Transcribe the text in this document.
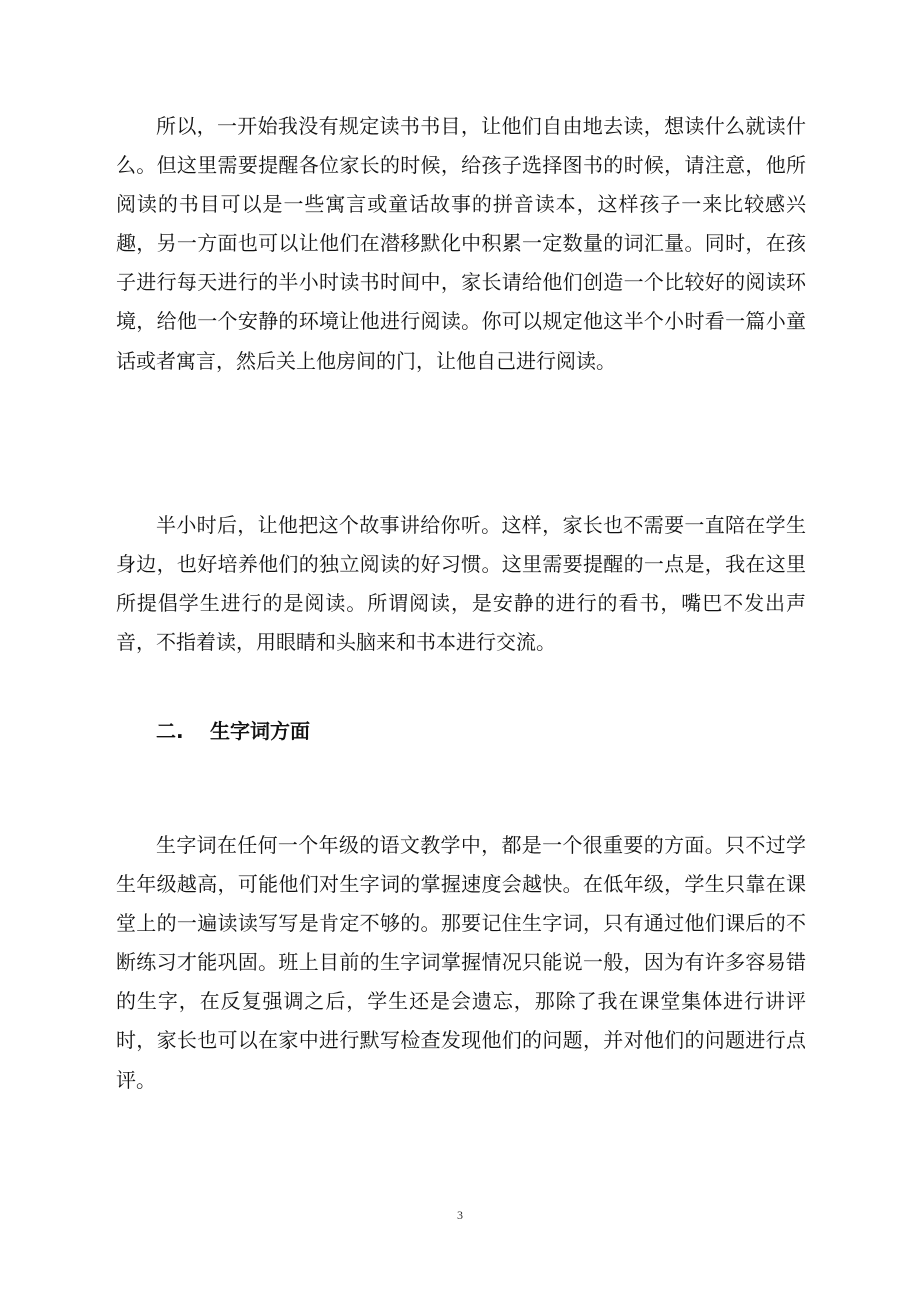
所以，一开始我没有规定读书书目，让他们自由地去读，想读什么就读什么。但这里需要提醒各位家长的时候，给孩子选择图书的时候，请注意，他所阅读的书目可以是一些寓言或童话故事的拼音读本，这样孩子一来比较感兴趣，另一方面也可以让他们在潜移默化中积累一定数量的词汇量。同时，在孩子进行每天进行的半小时读书时间中，家长请给他们创造一个比较好的阅读环境，给他一个安静的环境让他进行阅读。你可以规定他这半个小时看一篇小童话或者寓言，然后关上他房间的门，让他自己进行阅读。

半小时后，让他把这个故事讲给你听。这样，家长也不需要一直陪在学生身边，也好培养他们的独立阅读的好习惯。这里需要提醒的一点是，我在这里所提倡学生进行的是阅读。所谓阅读，是安静的进行的看书，嘴巴不发出声音，不指着读，用眼睛和头脑来和书本进行交流。

二. 生字词方面

生字词在任何一个年级的语文教学中，都是一个很重要的方面。只不过学生年级越高，可能他们对生字词的掌握速度会越快。在低年级，学生只靠在课堂上的一遍读读写写是肯定不够的。那要记住生字词，只有通过他们课后的不断练习才能巩固。班上目前的生字词掌握情况只能说一般，因为有许多容易错的生字，在反复强调之后，学生还是会遗忘，那除了我在课堂集体进行讲评时，家长也可以在家中进行默写检查发现他们的问题，并对他们的问题进行点评。

3
